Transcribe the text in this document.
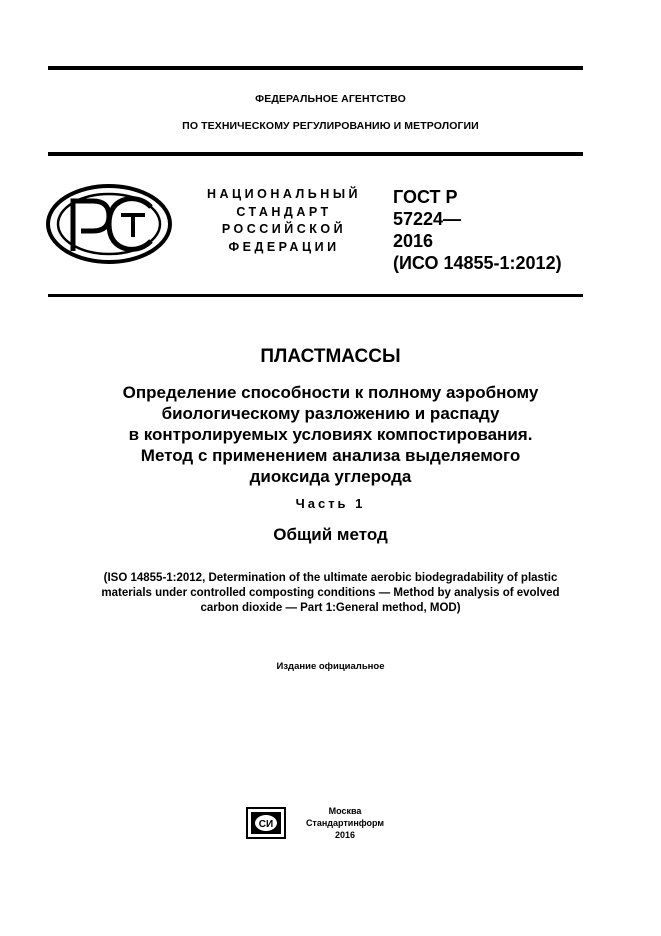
ФЕДЕРАЛЬНОЕ АГЕНТСТВО
ПО ТЕХНИЧЕСКОМУ РЕГУЛИРОВАНИЮ И МЕТРОЛОГИИ
НАЦИОНАЛЬНЫЙ
СТАНДАРТ
РОССИЙСКОЙ
ФЕДЕРАЦИИ
ГОСТ Р
57224—
2016
(ИСО 14855-1:2012)
ПЛАСТМАССЫ
Определение способности к полному аэробному
биологическому разложению и распаду
в контролируемых условиях компостирования.
Метод с применением анализа выделяемого
диоксида углерода
Часть 1
Общий метод
(ISO 14855-1:2012, Determination of the ultimate aerobic biodegradability of plastic
materials under controlled composting conditions — Method by analysis of evolved
carbon dioxide — Part 1:General method, MOD)
Издание официальное
СИ
Москва
Стандартинформ
2016
